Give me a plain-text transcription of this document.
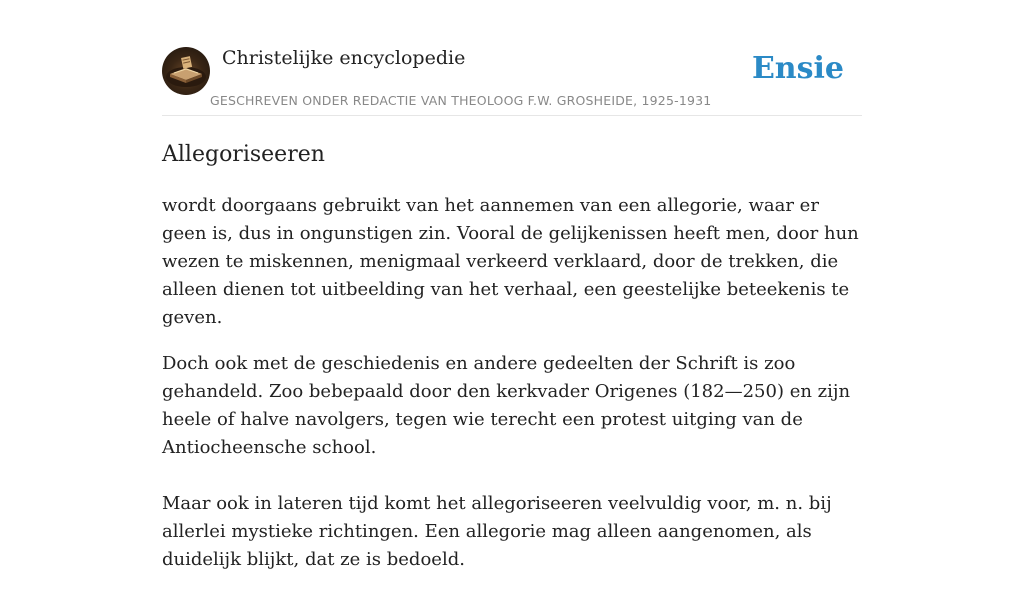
Christelijke encyclopedie
GESCHREVEN ONDER REDACTIE VAN THEOLOOG F.W. GROSHEIDE, 1925-1931
Ensie
Allegoriseeren

wordt doorgaans gebruikt van het aannemen van een allegorie, waar er geen is, dus in ongunstigen zin. Vooral de gelijkenissen heeft men, door hun wezen te miskennen, menigmaal verkeerd verklaard, door de trekken, die alleen dienen tot uitbeelding van het verhaal, een geestelijke beteekenis te geven.

Doch ook met de geschiedenis en andere gedeelten der Schrift is zoo gehandeld. Zoo bebepaald door den kerkvader Origenes (182—250) en zijn heele of halve navolgers, tegen wie terecht een protest uitging van de Antiocheensche school.

Maar ook in lateren tijd komt het allegoriseeren veelvuldig voor, m. n. bij allerlei mystieke richtingen. Een allegorie mag alleen aangenomen, als duidelijk blijkt, dat ze is bedoeld.
